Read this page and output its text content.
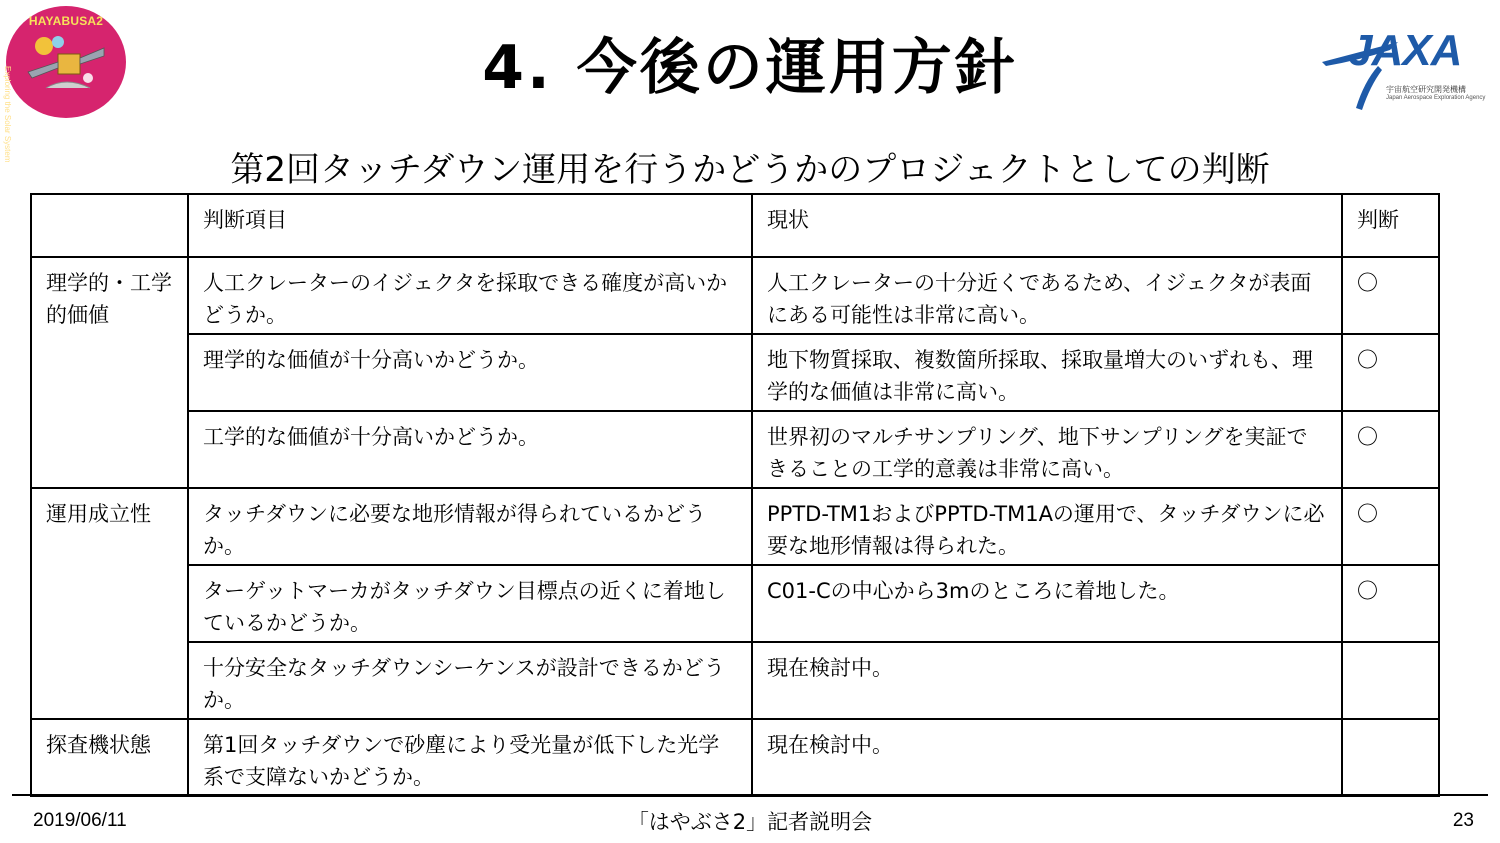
HAYABUSA2
Exploring the Solar System	4. 今後の運用方針	JAXA
宇宙航空研究開発機構
Japan Aerospace Exploration Agency
第2回タッチダウン運用を行うかどうかのプロジェクトとしての判断
	判断項目	現状	判断
理学的・工学的価値	人工クレーターのイジェクタを採取できる確度が高いかどうか。	人工クレーターの十分近くであるため、イジェクタが表面にある可能性は非常に高い。	〇
	理学的な価値が十分高いかどうか。	地下物質採取、複数箇所採取、採取量増大のいずれも、理学的な価値は非常に高い。	〇
	工学的な価値が十分高いかどうか。	世界初のマルチサンプリング、地下サンプリングを実証できることの工学的意義は非常に高い。	〇
運用成立性	タッチダウンに必要な地形情報が得られているかどうか。	PPTD-TM1およびPPTD-TM1Aの運用で、タッチダウンに必要な地形情報は得られた。	〇
	ターゲットマーカがタッチダウン目標点の近くに着地しているかどうか。	C01-Cの中心から3mのところに着地した。	〇
	十分安全なタッチダウンシーケンスが設計できるかどうか。	現在検討中。	
探査機状態	第1回タッチダウンで砂塵により受光量が低下した光学系で支障ないかどうか。	現在検討中。	
2019/06/11	「はやぶさ2」記者説明会	23
